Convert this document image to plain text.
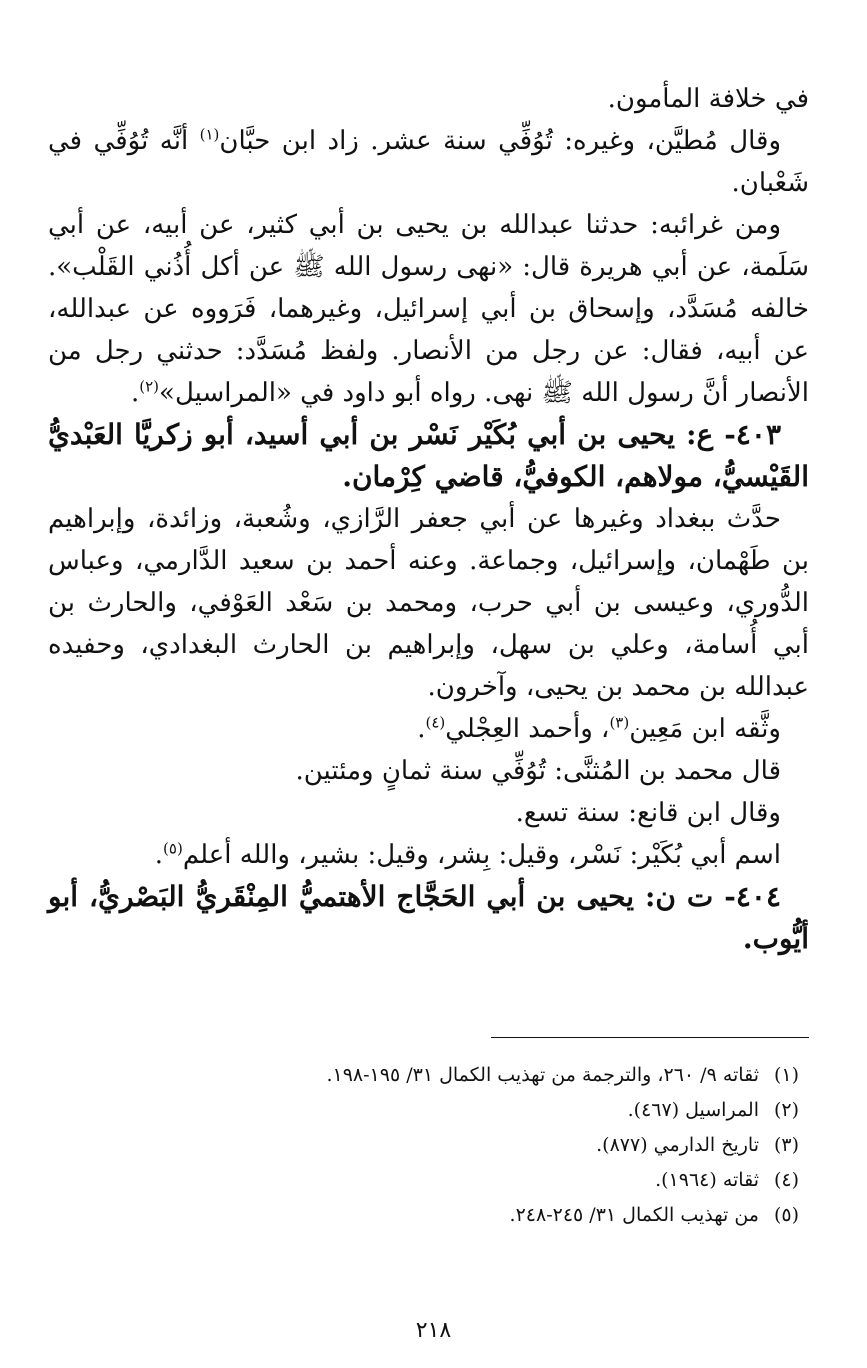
في خلافة المأمون.

وقال مُطيَّن، وغيره: تُوُفِّي سنة عشر. زاد ابن حبَّان$^{(١)}$ أنَّه تُوُفِّي في شَعْبان.

ومن غرائبه: حدثنا عبدالله بن يحيى بن أبي كثير، عن أبيه، عن أبي سَلَمة، عن أبي هريرة قال: «نهى رسول الله ﷺ عن أكل أُذُني القَلْب». خالفه مُسَدَّد، وإسحاق بن أبي إسرائيل، وغيرهما، فَرَووه عن عبدالله، عن أبيه، فقال: عن رجل من الأنصار. ولفظ مُسَدَّد: حدثني رجل من الأنصار أنَّ رسول الله ﷺ نهى. رواه أبو داود في «المراسيل»$^{(٢)}$.

٤٠٣- ع: يحيى بن أبي بُكَيْر نَسْر بن أبي أسيد، أبو زكريَّا العَبْديُّ القَيْسيُّ، مولاهم، الكوفيُّ، قاضي كِرْمان.

حدَّث ببغداد وغيرها عن أبي جعفر الرَّازي، وشُعبة، وزائدة، وإبراهيم بن طَهْمان، وإسرائيل، وجماعة. وعنه أحمد بن سعيد الدَّارمي، وعباس الدُّوري، وعيسى بن أبي حرب، ومحمد بن سَعْد العَوْفي، والحارث بن أبي أُسامة، وعلي بن سهل، وإبراهيم بن الحارث البغدادي، وحفيده عبدالله بن محمد بن يحيى، وآخرون.

وثَّقه ابن مَعِين$^{(٣)}$، وأحمد العِجْلي$^{(٤)}$.

قال محمد بن المُثنَّى: تُوُفِّي سنة ثمانٍ ومئتين.

وقال ابن قانع: سنة تسع.

اسم أبي بُكَيْر: نَسْر، وقيل: بِشر، وقيل: بشير، والله أعلم$^{(٥)}$.

٤٠٤- ت ن: يحيى بن أبي الحَجَّاج الأهتميُّ المِنْقَريُّ البَصْريُّ، أبو أيُّوب.

(١)
ثقاته ٩/ ٢٦٠، والترجمة من تهذيب الكمال ٣١/ ١٩٥-١٩٨.
(٢)
المراسيل (٤٦٧).
(٣)
تاريخ الدارمي (٨٧٧).
(٤)
ثقاته (١٩٦٤).
(٥)
من تهذيب الكمال ٣١/ ٢٤٥-٢٤٨.
٢١٨
